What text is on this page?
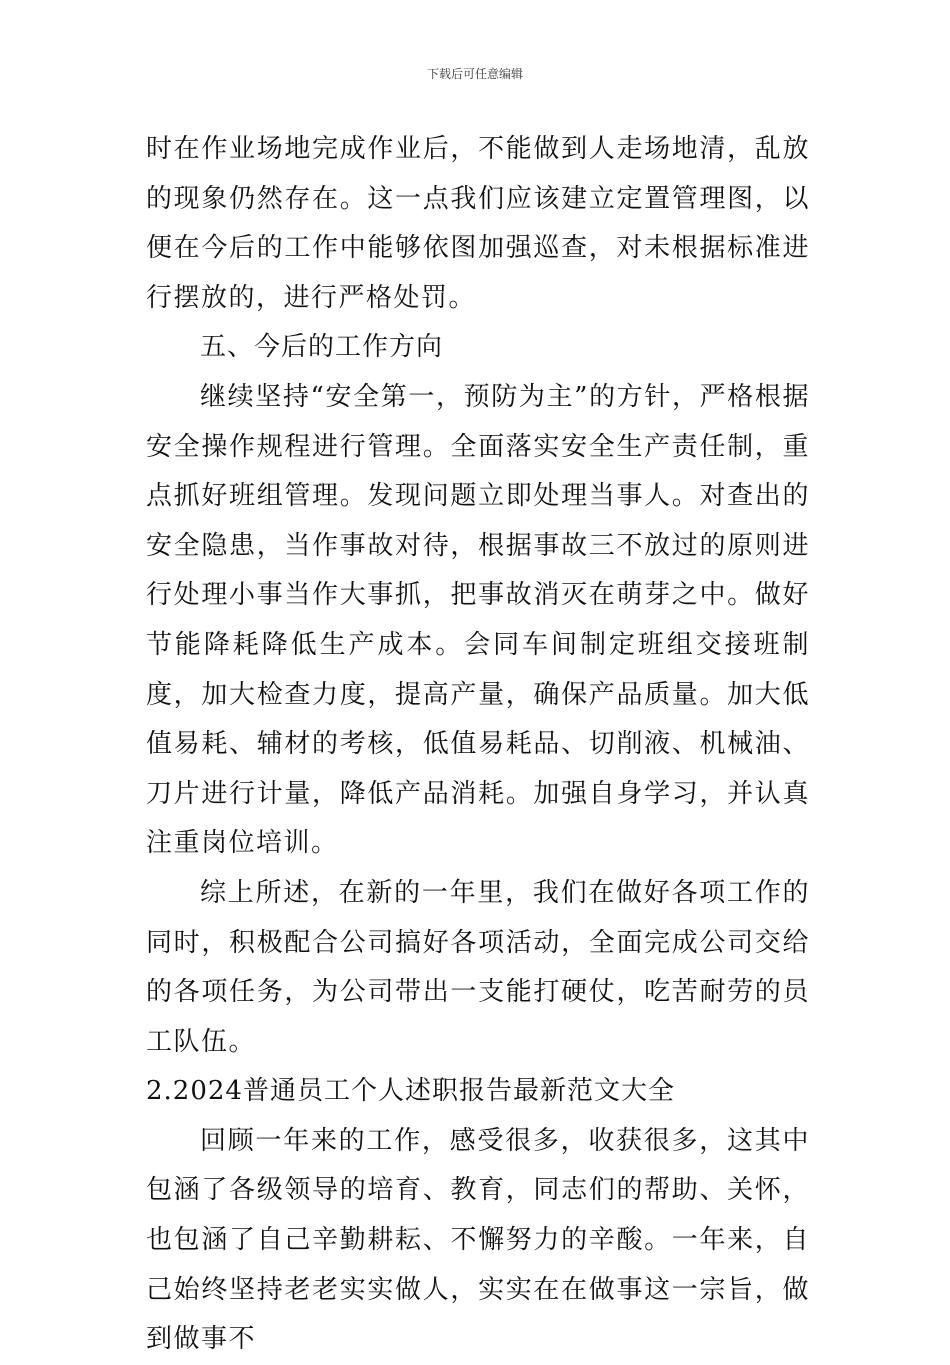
下载后可任意编辑

时在作业场地完成作业后，不能做到人走场地清，乱放的现象仍然存在。这一点我们应该建立定置管理图，以便在今后的工作中能够依图加强巡查，对未根据标准进行摆放的，进行严格处罚。

五、今后的工作方向

继续坚持“安全第一，预防为主”的方针，严格根据安全操作规程进行管理。全面落实安全生产责任制，重点抓好班组管理。发现问题立即处理当事人。对查出的安全隐患，当作事故对待，根据事故三不放过的原则进行处理小事当作大事抓，把事故消灭在萌芽之中。做好节能降耗降低生产成本。会同车间制定班组交接班制度，加大检查力度，提高产量，确保产品质量。加大低值易耗、辅材的考核，低值易耗品、切削液、机械油、刀片进行计量，降低产品消耗。加强自身学习，并认真注重岗位培训。

综上所述，在新的一年里，我们在做好各项工作的同时，积极配合公司搞好各项活动，全面完成公司交给的各项任务，为公司带出一支能打硬仗，吃苦耐劳的员工队伍。

2.2024普通员工个人述职报告最新范文大全

回顾一年来的工作，感受很多，收获很多，这其中包涵了各级领导的培育、教育，同志们的帮助、关怀，也包涵了自己辛勤耕耘、不懈努力的辛酸。一年来，自己始终坚持老老实实做人，实实在在做事这一宗旨，做到做事不
